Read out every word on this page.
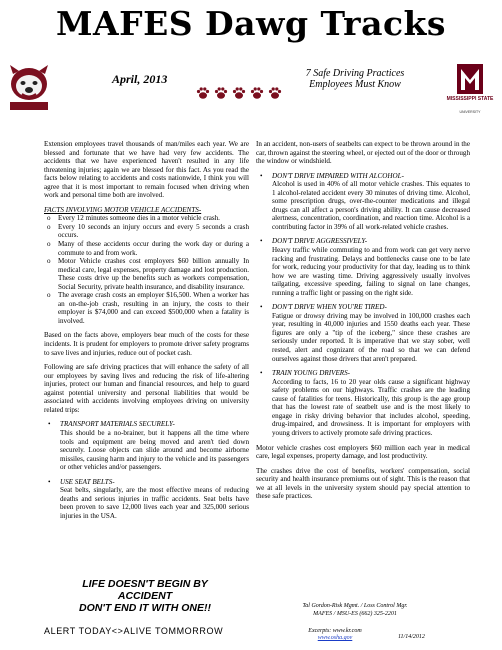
MAFES Dawg Tracks
MISSISSIPPI STATE
UNIVERSITY
April, 2013	7 Safe Driving Practices Employees Must Know

Extension employees travel thousands of man/miles each year. We are blessed and fortunate that we have had very few accidents. The accidents that we have experienced haven't resulted in any life threatening injuries; again we are blessed for this fact. As you read the facts below relating to accidents and costs nationwide, I think you will agree that it is most important to remain focused when driving when work and personal time both are involved.

FACTS INVOLVING MOTOR VEHICLE ACCIDENTS-
o Every 12 minutes someone dies in a motor vehicle crash.
o Every 10 seconds an injury occurs and every 5 seconds a crash occurs.
o Many of these accidents occur during the work day or during a commute to and from work.
o Motor Vehicle crashes cost employers $60 billion annually In medical care, legal expenses, property damage and lost production. These costs drive up the benefits such as workers compensation, Social Security, private health insurance, and disability insurance.
o The average crash costs an employer $16,500. When a worker has an on-the-job crash, resulting in an injury, the costs to their employer is $74,000 and can exceed $500,000 when a fatality is involved.

Based on the facts above, employers bear much of the costs for these incidents. It is prudent for employers to promote driver safety programs to save lives and injuries, reduce out of pocket cash.

Following are safe driving practices that will enhance the safety of all our employees by saving lives and reducing the risk of life-altering injuries, protect our human and financial resources, and help to guard against potential university and personal liabilities that would be associated with accidents involving employees driving on university related trips:

• TRANSPORT MATERIALS SECURELY-
This should be a no-brainer, but it happens all the time where tools and equipment are being moved and aren't tied down securely. Loose objects can slide around and become airborne missiles, causing harm and injury to the vehicle and its passengers or other vehicles and/or passengers.
• USE SEAT BELTS-
Seat belts, singularly, are the most effective means of reducing deaths and serious injuries in traffic accidents. Seat belts have been proven to save 12,000 lives each year and 325,000 serious injuries in the USA.

In an accident, non-users of seatbelts can expect to be thrown around in the car, thrown against the steering wheel, or ejected out of the door or through the window or windshield.

• DON'T DRIVE IMPAIRED WITH ALCOHOL-
Alcohol is used in 40% of all motor vehicle crashes. This equates to 1 alcohol-related accident every 30 minutes of driving time. Alcohol, some prescription drugs, over-the-counter medications and illegal drugs can all affect a person's driving ability. It can cause decreased alertness, concentration, coordination, and reaction time. Alcohol is a contributing factor in 39% of all work-related vehicle crashes.
• DON'T DRIVE AGGRESSIVELY-
Heavy traffic while commuting to and from work can get very nerve racking and frustrating. Delays and bottlenecks cause one to be late for work, reducing your productivity for that day, leading us to think how we are wasting time. Driving aggressively usually involves tailgating, excessive speeding, failing to signal on lane changes, running a traffic light or passing on the right side.
• DON'T DRIVE WHEN YOU'RE TIRED-
Fatigue or drowsy driving may be involved in 100,000 crashes each year, resulting in 40,000 injuries and 1550 deaths each year. These figures are only a "tip of the iceberg," since these crashes are seriously under reported. It is imperative that we stay sober, well rested, alert and cognizant of the road so that we can defend ourselves against those drivers that aren't prepared.
• TRAIN YOUNG DRIVERS-
According to facts, 16 to 20 year olds cause a significant highway safety problems on our highways. Traffic crashes are the leading cause of fatalities for teens. Historically, this group is the age group that has the lowest rate of seatbelt use and is the most likely to engage in risky driving behavior that includes alcohol, speeding, drug-impaired, and drowsiness. It is important for employers with young drivers to actively promote safe driving practices.

Motor vehicle crashes cost employers $60 million each year in medical care, legal expenses, property damage, and lost productivity.

The crashes drive the cost of benefits, workers' compensation, social security and health insurance premiums out of sight. This is the reason that we at all levels in the university system should pay special attention to these safe practices.

LIFE DOESN'T BEGIN BY ACCIDENT
DON'T END IT WITH ONE!!
ALERT TODAY<>ALIVE TOMMORROW
Tal Gordon-Risk Mgmt. / Loss Control Mgr.
MAFES / MSU-ES (662) 325-2201
Excerpts: www.kr.com
www.osha.gov	11/14/2012
